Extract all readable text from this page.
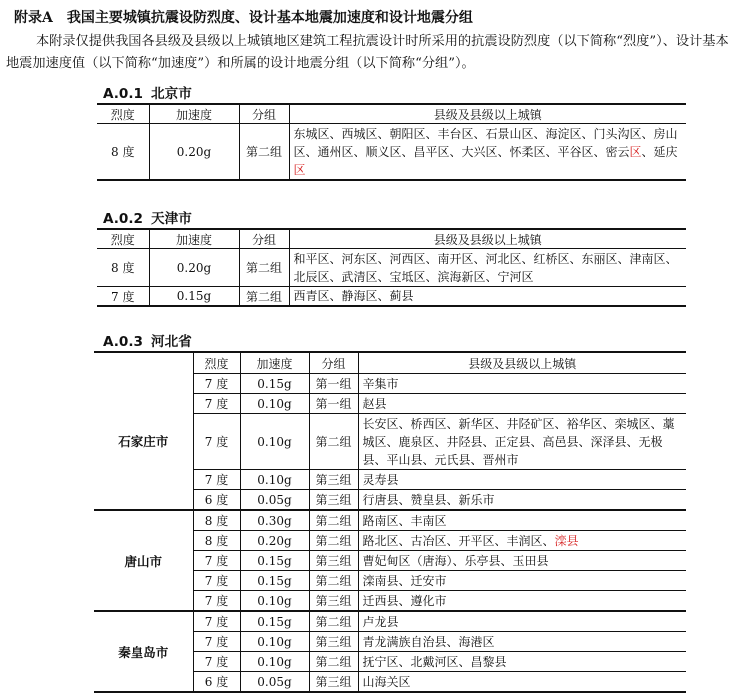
附录A　我国主要城镇抗震设防烈度、设计基本地震加速度和设计地震分组
本附录仅提供我国各县级及县级以上城镇地区建筑工程抗震设计时所采用的抗震设防烈度（以下简称“烈度”）、设计基本地震加速度值（以下简称“加速度”）和所属的设计地震分组（以下简称“分组”）。
A.0.1 北京市
烈度	加速度	分组	县级及县级以上城镇
8 度	0.20g	第二组	东城区、西城区、朝阳区、丰台区、石景山区、海淀区、门头沟区、房山区、通州区、顺义区、昌平区、大兴区、怀柔区、平谷区、密云区、延庆区
A.0.2 天津市
烈度	加速度	分组	县级及县级以上城镇
8 度	0.20g	第二组	和平区、河东区、河西区、南开区、河北区、红桥区、东丽区、津南区、北辰区、武清区、宝坻区、滨海新区、宁河区
7 度	0.15g	第二组	西青区、静海区、蓟县
A.0.3 河北省
	烈度	加速度	分组	县级及县级以上城镇
石家庄市	7 度	0.15g	第一组	辛集市
	7 度	0.10g	第一组	赵县
	7 度	0.10g	第二组	长安区、桥西区、新华区、井陉矿区、裕华区、栾城区、藁城区、鹿泉区、井陉县、正定县、高邑县、深泽县、无极县、平山县、元氏县、晋州市
	7 度	0.10g	第三组	灵寿县
	6 度	0.05g	第三组	行唐县、赞皇县、新乐市
唐山市	8 度	0.30g	第二组	路南区、丰南区
	8 度	0.20g	第二组	路北区、古冶区、开平区、丰润区、滦县
	7 度	0.15g	第三组	曹妃甸区（唐海）、乐亭县、玉田县
	7 度	0.15g	第二组	滦南县、迁安市
	7 度	0.10g	第三组	迁西县、遵化市
秦皇岛市	7 度	0.15g	第二组	卢龙县
	7 度	0.10g	第三组	青龙满族自治县、海港区
	7 度	0.10g	第二组	抚宁区、北戴河区、昌黎县
	6 度	0.05g	第三组	山海关区
